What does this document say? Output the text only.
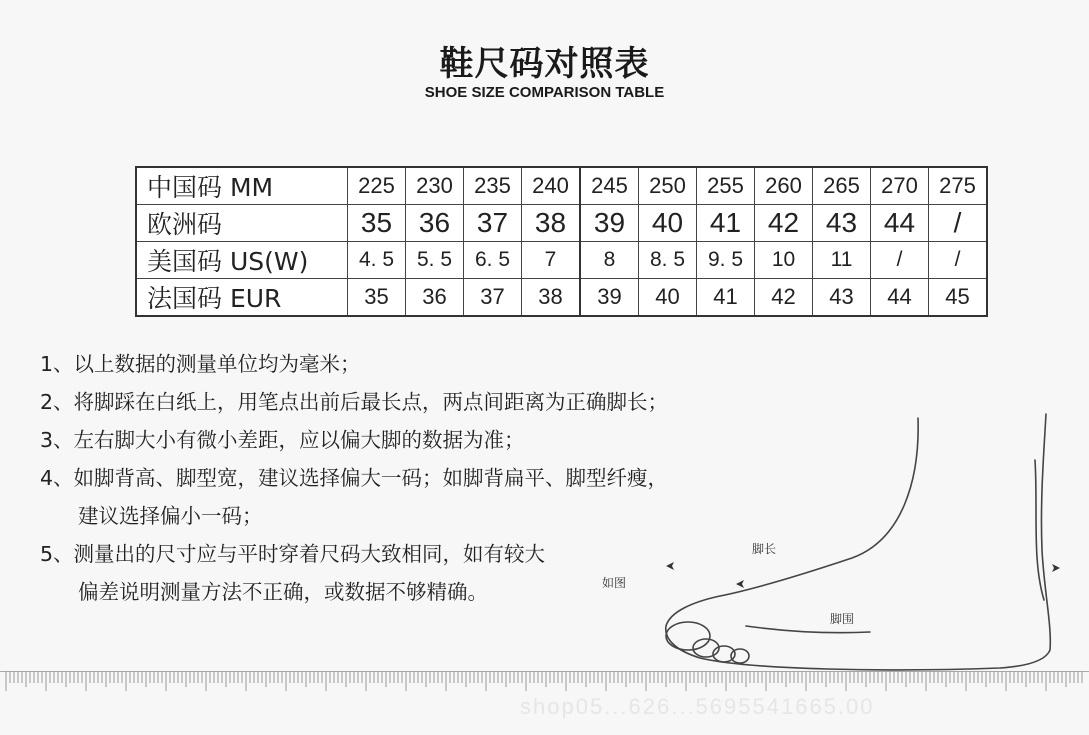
鞋尺码对照表
SHOE SIZE COMPARISON TABLE
中国码 MM	225	230	235	240	245	250	255	260	265	270	275
欧洲码	35	36	37	38	39	40	41	42	43	44	/
美国码 US(W)	4. 5	5. 5	6. 5	7	8	8. 5	9. 5	10	11	/	/
法国码 EUR	35	36	37	38	39	40	41	42	43	44	45
1、以上数据的测量单位均为毫米；
2、将脚踩在白纸上，用笔点出前后最长点，两点间距离为正确脚长；
3、左右脚大小有微小差距，应以偏大脚的数据为准；
4、如脚背高、脚型宽，建议选择偏大一码；如脚背扁平、脚型纤瘦，
建议选择偏小一码；
5、测量出的尺寸应与平时穿着尺码大致相同，如有较大
偏差说明测量方法不正确，或数据不够精确。
脚长
如图
脚围
shop05...626...5695541665.00
